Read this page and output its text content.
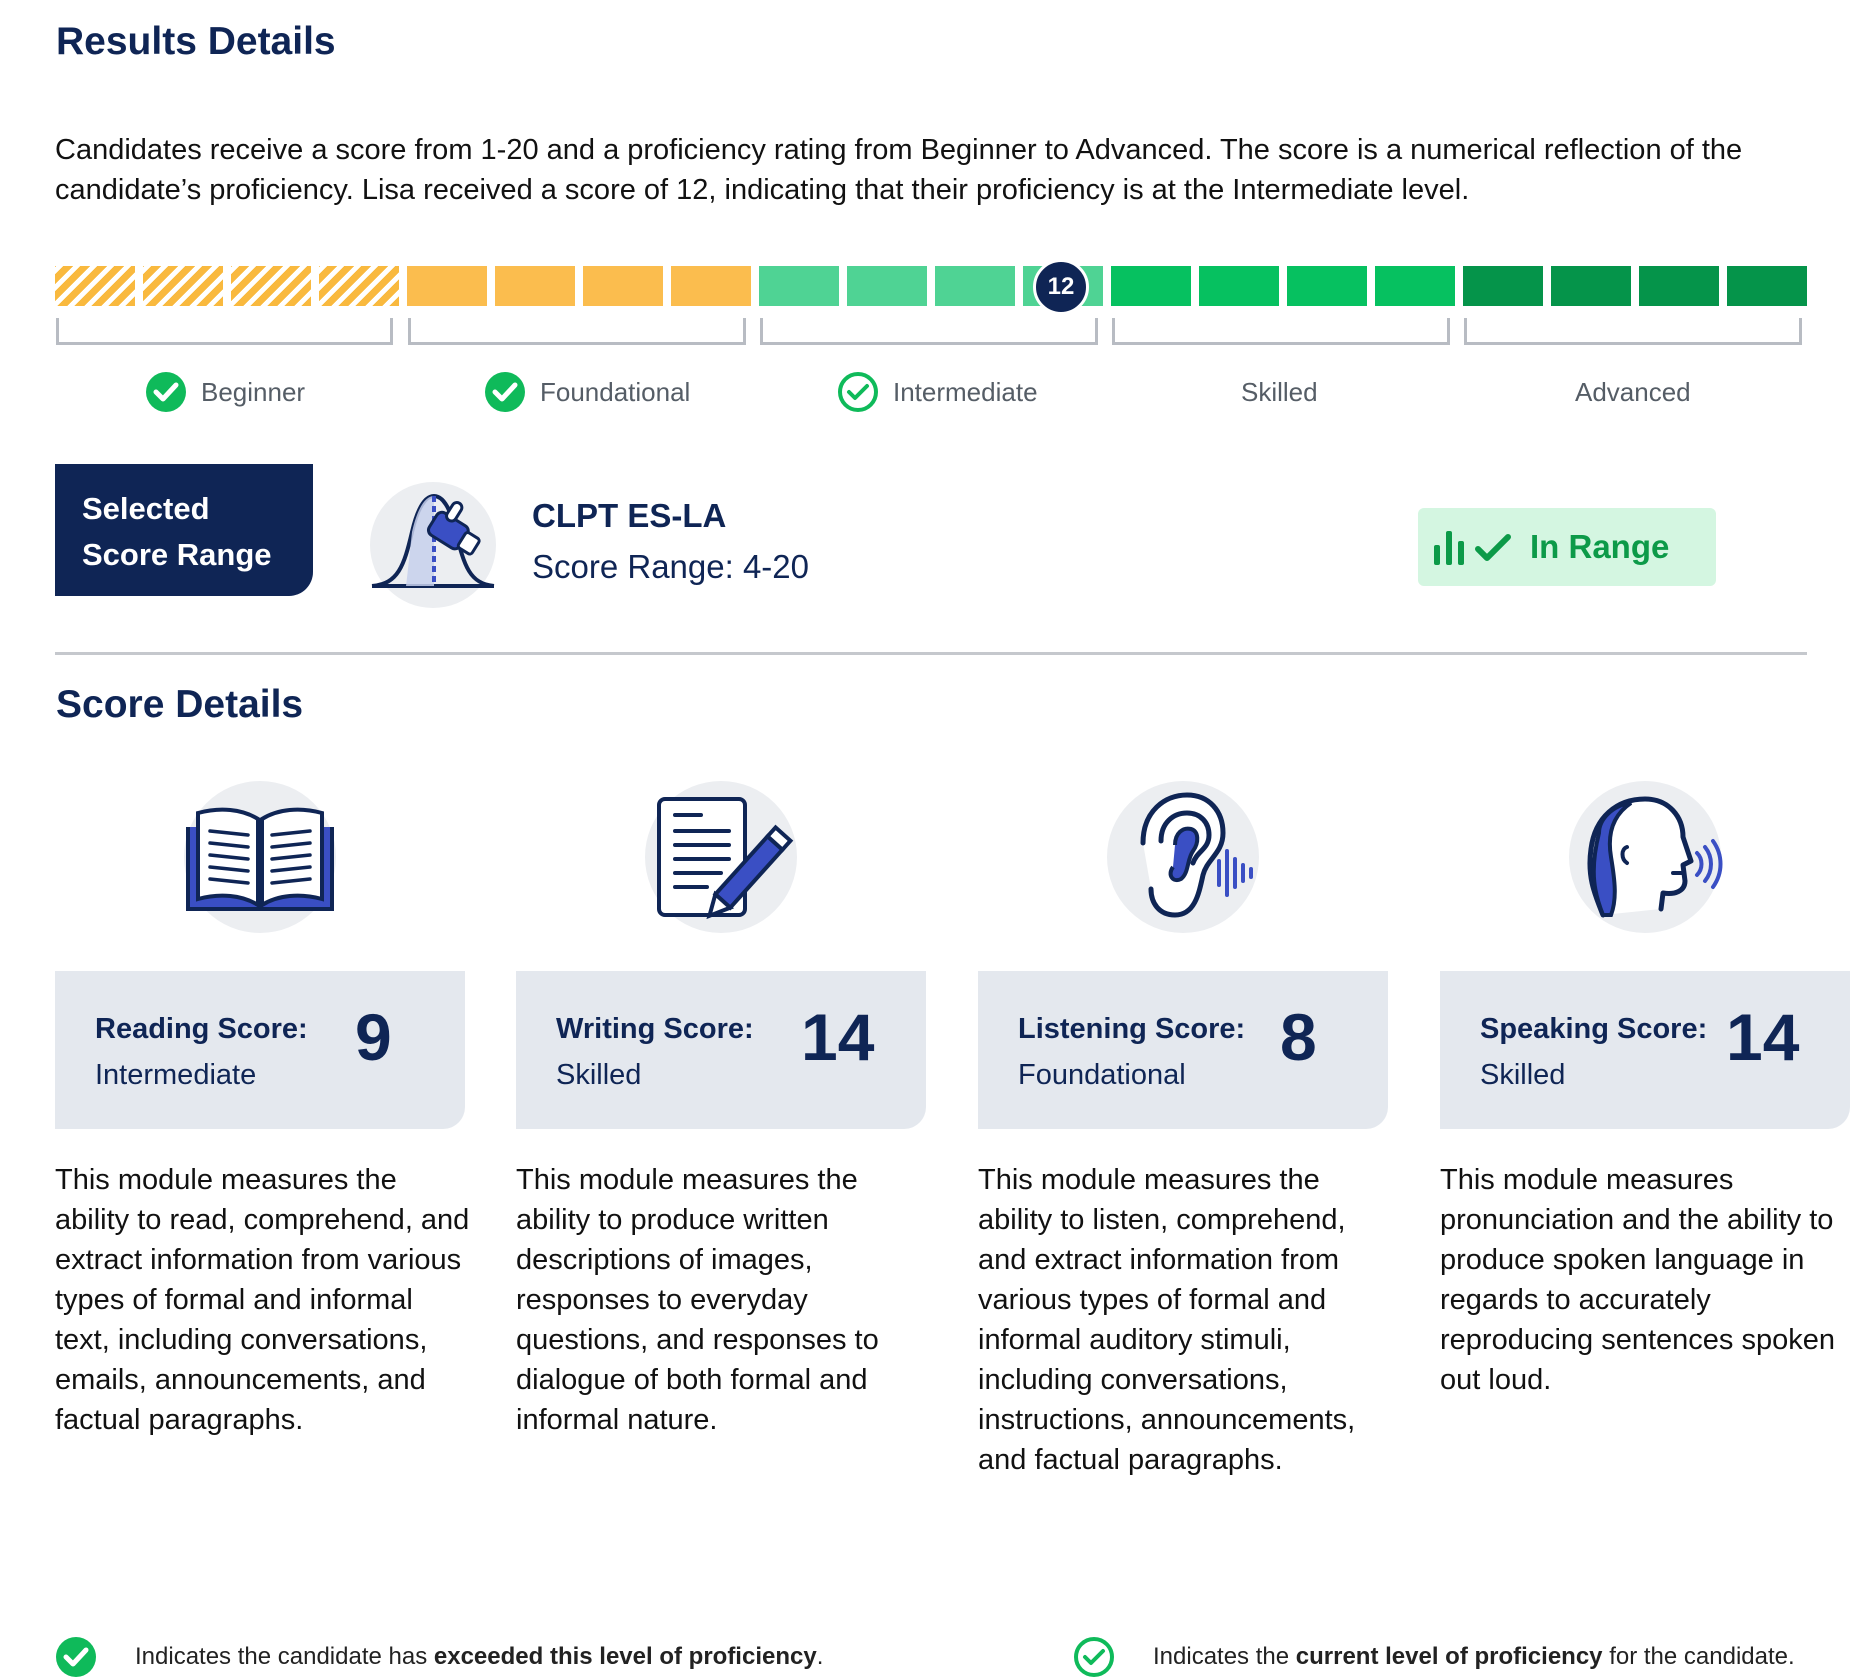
Results Details
Candidates receive a score from 1-20 and a proficiency rating from Beginner to Advanced. The score is a numerical reflection of the candidate’s proficiency. Lisa received a score of 12, indicating that their proficiency is at the Intermediate level.
12
Beginner	Foundational	Intermediate	Skilled	Advanced
Selected
Score Range
CLPT ES-LA
Score Range: 4-20
In Range
Score Details
Reading Score:
Intermediate
9
This module measures the ability to read, comprehend, and extract information from various types of formal and informal text, including conversations, emails, announcements, and factual paragraphs.
Writing Score:
Skilled
14
This module measures the ability to produce written descriptions of images, responses to everyday questions, and responses to dialogue of both formal and informal nature.
Listening Score:
Foundational
8
This module measures the ability to listen, comprehend, and extract information from various types of formal and informal auditory stimuli, including conversations, instructions, announcements, and factual paragraphs.
Speaking Score:
Skilled
14
This module measures pronunciation and the ability to produce spoken language in regards to accurately reproducing sentences spoken out loud.
Indicates the candidate has exceeded this level of proficiency.	Indicates the current level of proficiency for the candidate.
